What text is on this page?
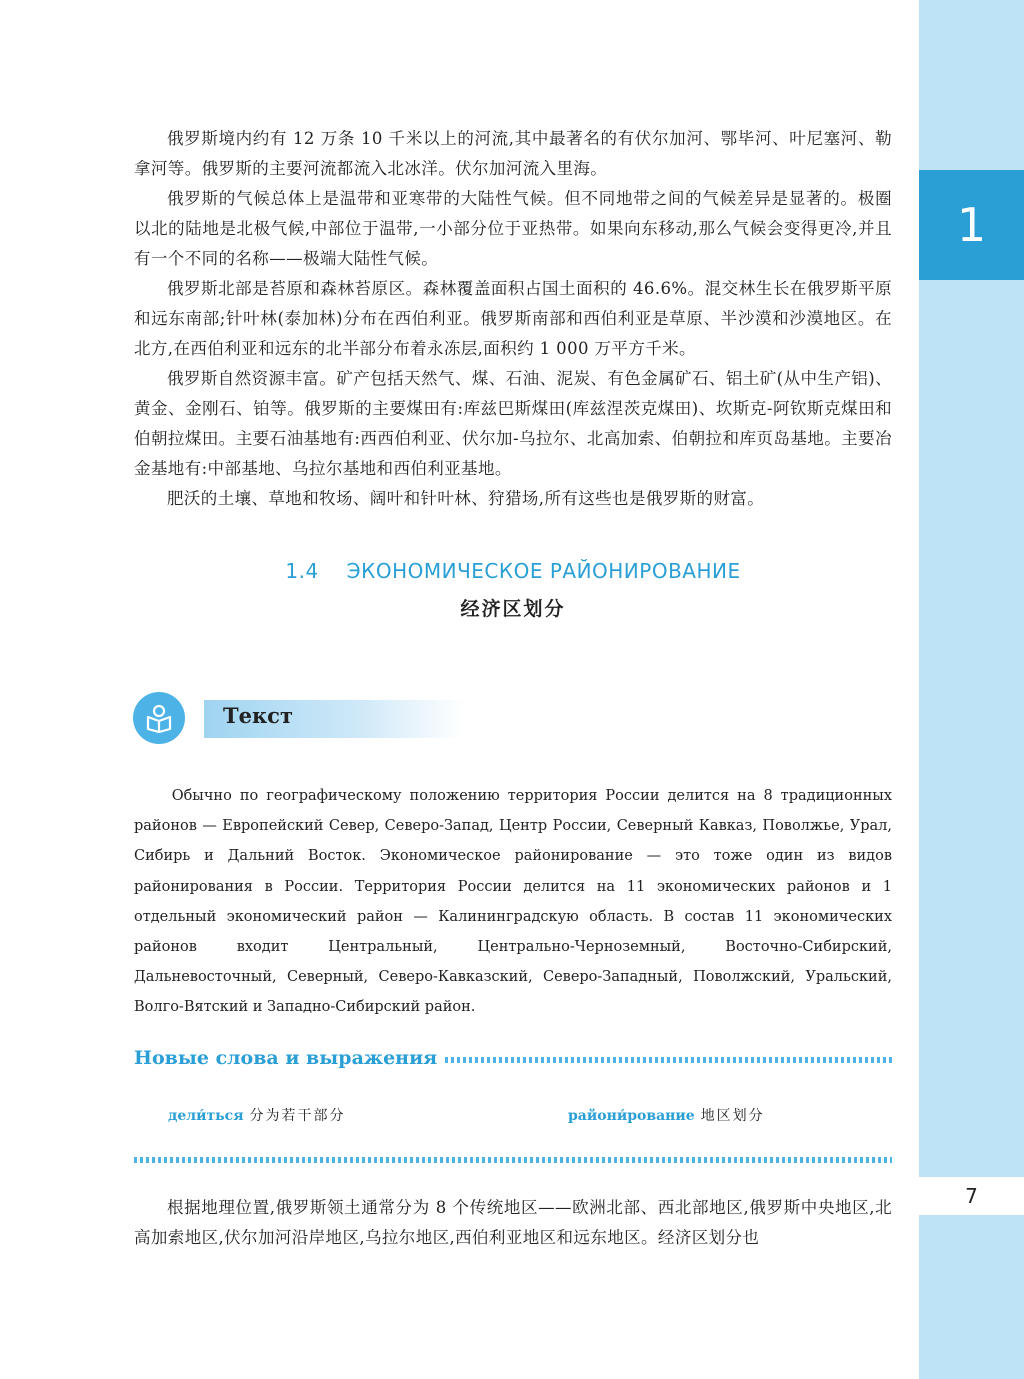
1
7

俄罗斯境内约有 12 万条 10 千米以上的河流,其中最著名的有伏尔加河、鄂毕河、叶尼塞河、勒拿河等。俄罗斯的主要河流都流入北冰洋。伏尔加河流入里海。

俄罗斯的气候总体上是温带和亚寒带的大陆性气候。但不同地带之间的气候差异是显著的。极圈以北的陆地是北极气候,中部位于温带,一小部分位于亚热带。如果向东移动,那么气候会变得更冷,并且有一个不同的名称——极端大陆性气候。

俄罗斯北部是苔原和森林苔原区。森林覆盖面积占国土面积的 46.6%。混交林生长在俄罗斯平原和远东南部;针叶林(泰加林)分布在西伯利亚。俄罗斯南部和西伯利亚是草原、半沙漠和沙漠地区。在北方,在西伯利亚和远东的北半部分布着永冻层,面积约 1 000 万平方千米。

俄罗斯自然资源丰富。矿产包括天然气、煤、石油、泥炭、有色金属矿石、铝土矿(从中生产铝)、黄金、金刚石、铂等。俄罗斯的主要煤田有:库兹巴斯煤田(库兹涅茨克煤田)、坎斯克-阿钦斯克煤田和伯朝拉煤田。主要石油基地有:西西伯利亚、伏尔加-乌拉尔、北高加索、伯朝拉和库页岛基地。主要冶金基地有:中部基地、乌拉尔基地和西伯利亚基地。

肥沃的土壤、草地和牧场、阔叶和针叶林、狩猎场,所有这些也是俄罗斯的财富。

1.4 ЭКОНОМИЧЕСКОЕ РАЙОНИРОВАНИЕ
经济区划分
Текст

Обычно по географическому положению территория России делится на 8 традиционных районов — Европейский Север, Северо-Запад, Центр России, Северный Кавказ, Поволжье, Урал, Сибирь и Дальний Восток. Экономическое районирование — это тоже один из видов районирования в России. Территория России делится на 11 экономических районов и 1 отдельный экономический район — Калининградскую область. В состав 11 экономических районов входит Центральный, Центрально-Черноземный, Восточно-Сибирский, Дальневосточный, Северный, Северо-Кавказский, Северо-Западный, Поволжский, Уральский, Волго-Вятский и Западно-Сибирский район.

Новые слова и выражения
дели́ться 分为若干部分	райони́рование 地区划分

根据地理位置,俄罗斯领土通常分为 8 个传统地区——欧洲北部、西北部地区,俄罗斯中央地区,北高加索地区,伏尔加河沿岸地区,乌拉尔地区,西伯利亚地区和远东地区。经济区划分也
